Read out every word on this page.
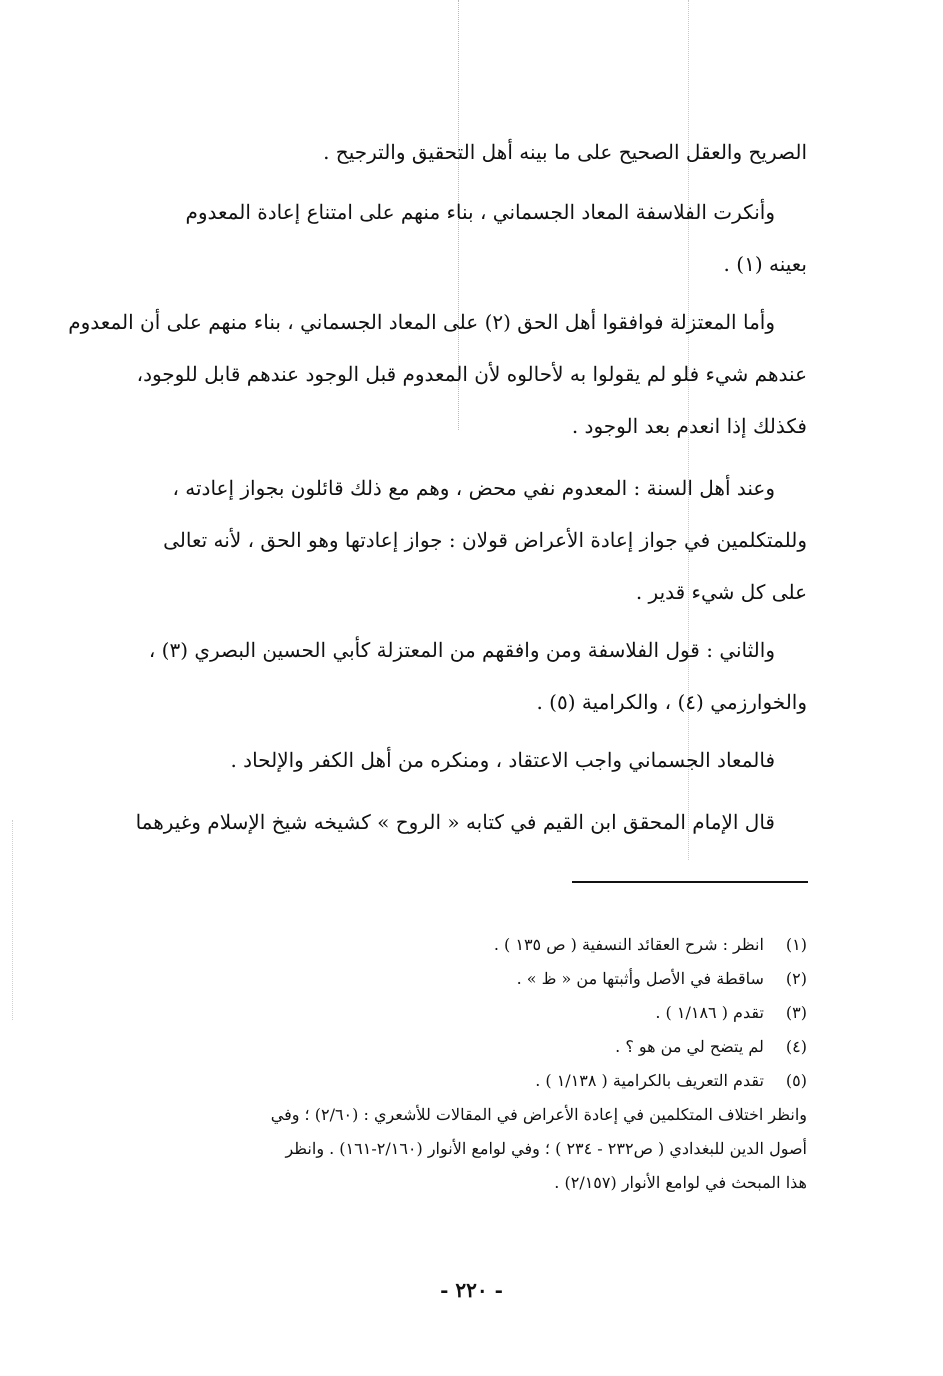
الصريح والعقل الصحيح على ما بينه أهل التحقيق والترجيح .
وأنكرت الفلاسفة المعاد الجسماني ، بناء منهم على امتناع إعادة المعدوم
بعينه (١) .
وأما المعتزلة فوافقوا أهل الحق (٢) على المعاد الجسماني ، بناء منهم على أن المعدوم
عندهم شيء فلو لم يقولوا به لأحالوه لأن المعدوم قبل الوجود عندهم قابل للوجود،
فكذلك إذا انعدم بعد الوجود .
وعند أهل السنة : المعدوم نفي محض ، وهم مع ذلك قائلون بجواز إعادته ،
وللمتكلمين في جواز إعادة الأعراض قولان : جواز إعادتها وهو الحق ، لأنه تعالى
على كل شيء قدير .
والثاني : قول الفلاسفة ومن وافقهم من المعتزلة كأبي الحسين البصري (٣) ،
والخوارزمي (٤) ، والكرامية (٥) .
فالمعاد الجسماني واجب الاعتقاد ، ومنكره من أهل الكفر والإلحاد .
قال الإمام المحقق ابن القيم في كتابه « الروح » كشيخه شيخ الإسلام وغيرهما
(١) انظر : شرح العقائد النسفية ( ص ١٣٥ ) .
(٢) ساقطة في الأصل وأثبتها من « ظ » .
(٣) تقدم ( ١/١٨٦ ) .
(٤) لم يتضح لي من هو ؟ .
(٥) تقدم التعريف بالكرامية ( ١/١٣٨ ) .
وانظر اختلاف المتكلمين في إعادة الأعراض في المقالات للأشعري : (٢/٦٠) ؛ وفي
أصول الدين للبغدادي ( ص٢٣٢ - ٢٣٤ ) ؛ وفي لوامع الأنوار (٢/١٦٠-١٦١) . وانظر
هذا المبحث في لوامع الأنوار (٢/١٥٧) .
- ٢٢٠ -
